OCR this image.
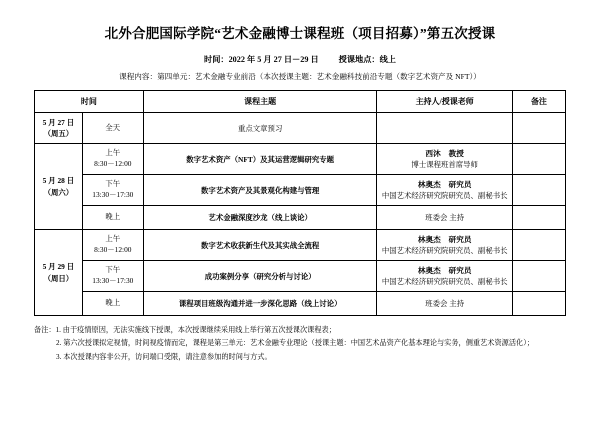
北外合肥国际学院“艺术金融博士课程班（项目招募）”第五次授课
时间：2022 年 5 月 27 日－29 日 授课地点：线上
课程内容：第四单元：艺术金融专业前沿（本次授课主题：艺术金融科技前沿专题（数字艺术资产及 NFT））
时间		课程主题	主持人/授课老师	备注
5 月 27 日
（周五）	全天	重点文章预习		
5 月 28 日
（周六）	上午
8:30－12:00	数字艺术资产（NFT）及其运营逻辑研究专题	西沐 教授
博士课程班首席导师	

	下午
13:30－17:30	数字艺术资产及其景观化构建与管理	林奥杰 研究员
中国艺术经济研究院研究员、副秘书长	

	晚上	艺术金融深度沙龙（线上谈论）	班委会 主持	
5 月 29 日
（周日）	上午
8:30－12:00	数字艺术收获新生代及其实战全流程	林奥杰 研究员
中国艺术经济研究院研究员、副秘书长	

	下午
13:30－17:30	成功案例分享（研究分析与讨论）	林奥杰 研究员
中国艺术经济研究院研究员、副秘书长	

	晚上	课程项目班级沟通并进一步深化思路（线上讨论）	班委会 主持	
备注：1. 由于疫情原因，无法实施线下授课，本次授课继续采用线上举行第五次授课次课程表；
2. 第六次授课拟定视情，时间视疫情而定，课程是第三单元：艺术金融专业理论（授课主题：中国艺术品资产化基本理论与实务，侧重艺术资源活化）；
3. 本次授课内容非公开，访问端口受限，请注意参加的时间与方式。
